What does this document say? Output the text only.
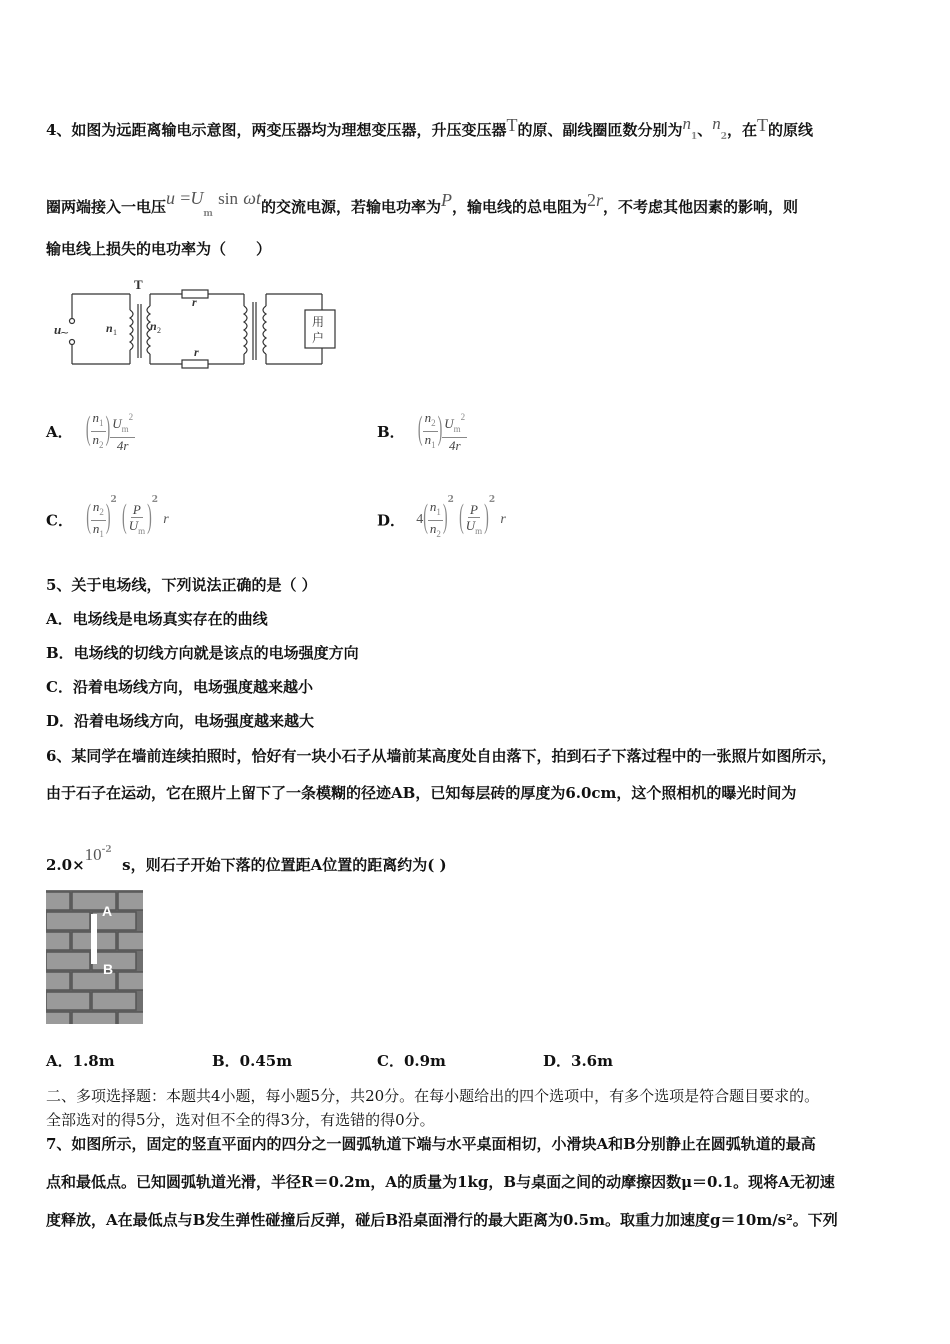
4、如图为远距离输电示意图，两变压器均为理想变压器，升压变压器T的原、副线圈匝数分别为$n_1$、$n_2$，在T的原线
圈两端接入一电压$u =U_m$ sin ωt的交流电源，若输电功率为P，输电线的总电阻为2r，不考虑其他因素的影响，则
输电线上损失的电功率为（　　）
u
~
T
n 1	n 2
r
r
用
户
A． ( $\frac{n_1}{n_2}$ ) $\frac{U_m^2}{4r}$	B． ( $\frac{n_2}{n_1}$ ) $\frac{U_m^2}{4r}$
C． ( $\frac{n_2}{n_1} )^2$ ( $\frac{P}{U_m} )^2$ r	D． $4( \frac{n_1}{n_2} )^2$ ( $\frac{P}{U_m} )^2$ r
5、关于电场线，下列说法正确的是（ ）
A．电场线是电场真实存在的曲线
B．电场线的切线方向就是该点的电场强度方向
C．沿着电场线方向，电场强度越来越小
D．沿着电场线方向，电场强度越来越大
6、某同学在墙前连续拍照时，恰好有一块小石子从墙前某高度处自由落下，拍到石子下落过程中的一张照片如图所示，
由于石子在运动，它在照片上留下了一条模糊的径迹AB，已知每层砖的厚度为6.0cm，这个照相机的曝光时间为
$2.0\times 10^{-2}$  s，则石子开始下落的位置距A位置的距离约为( )
A
B
A．1.8m	B．0.45m	C．0.9m	D．3.6m
二、多项选择题：本题共4小题，每小题5分，共20分。在每小题给出的四个选项中，有多个选项是符合题目要求的。
全部选对的得5分，选对但不全的得3分，有选错的得0分。
7、如图所示，固定的竖直平面内的四分之一圆弧轨道下端与水平桌面相切，小滑块A和B分别静止在圆弧轨道的最高
点和最低点。已知圆弧轨道光滑，半径R＝0.2m，A的质量为1kg，B与桌面之间的动摩擦因数μ＝0.1。现将A无初速
度释放，A在最低点与B发生弹性碰撞后反弹，碰后B沿桌面滑行的最大距离为0.5m。取重力加速度g＝10m/s²。下列
